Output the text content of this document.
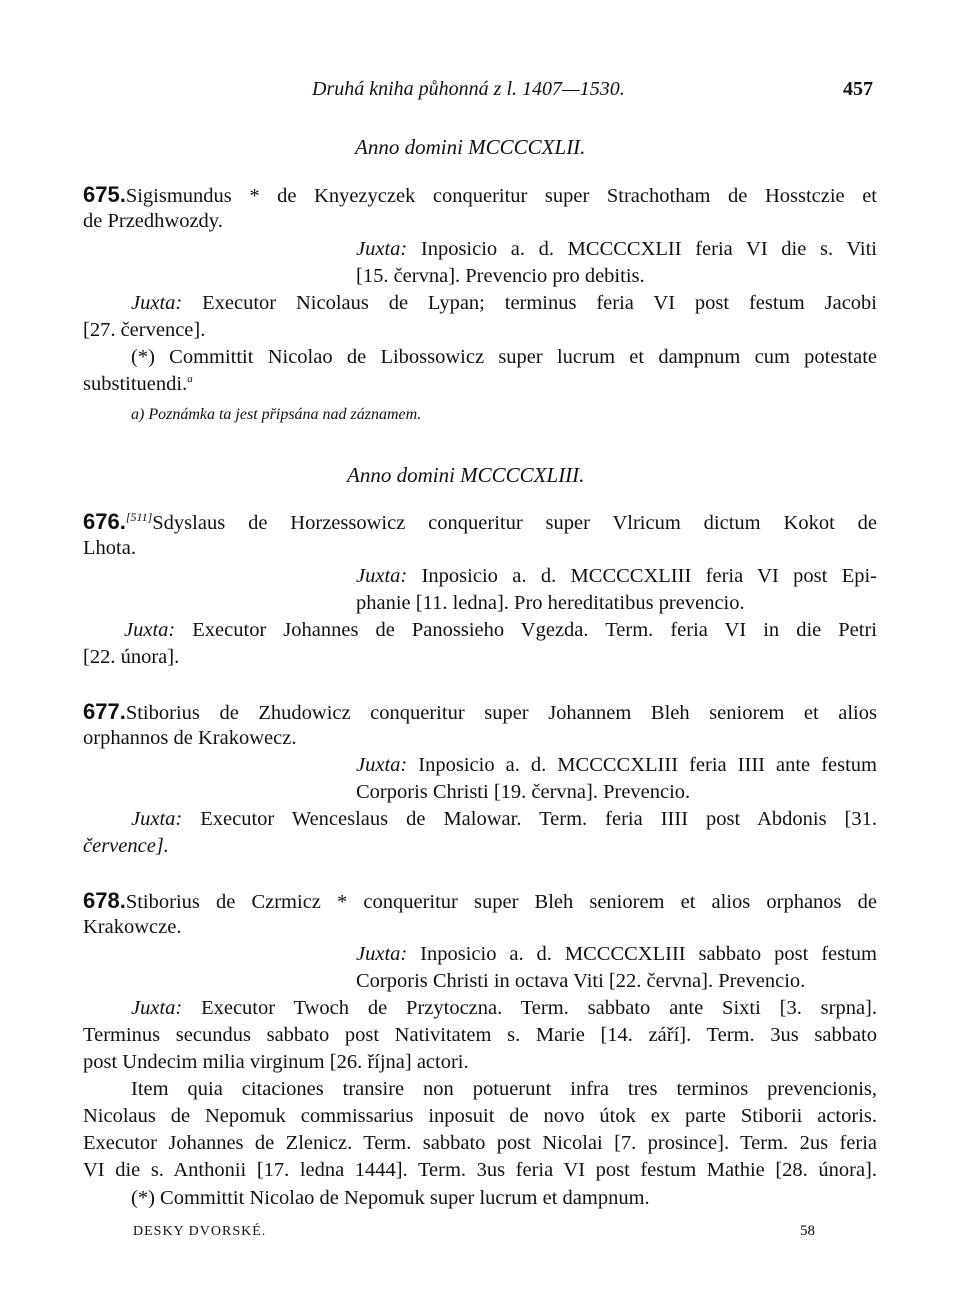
Druhá kniha půhonná z l. 1407—1530.	457
Anno domini MCCCCXLII.
675.Sigismundus * de Knyezyczek conqueritur super Strachotham de Hosstczie et
de Przedhwozdy.
Juxta: Inposicio a. d. MCCCCXLII feria VI die s. Viti
[15. června]. Prevencio pro debitis.
Juxta: Executor Nicolaus de Lypan; terminus feria VI post festum Jacobi
[27. července].
(*) Committit Nicolao de Libossowicz super lucrum et dampnum cum potestate
substituendi.$^a$
a) Poznámka ta jest připsána nad záznamem.
Anno domini MCCCCXLIII.
676.[511]Sdyslaus de Horzessowicz conqueritur super Vlricum dictum Kokot de
Lhota.
Juxta: Inposicio a. d. MCCCCXLIII feria VI post Epi-
phanie [11. ledna]. Pro hereditatibus prevencio.
Juxta: Executor Johannes de Panossieho Vgezda. Term. feria VI in die Petri
[22. února].
677.Stiborius de Zhudowicz conqueritur super Johannem Bleh seniorem et alios
orphannos de Krakowecz.
Juxta: Inposicio a. d. MCCCCXLIII feria IIII ante festum
Corporis Christi [19. června]. Prevencio.
Juxta: Executor Wenceslaus de Malowar. Term. feria IIII post Abdonis [31.
července].
678.Stiborius de Czrmicz * conqueritur super Bleh seniorem et alios orphanos de
Krakowcze.
Juxta: Inposicio a. d. MCCCCXLIII sabbato post festum
Corporis Christi in octava Viti [22. června]. Prevencio.
Juxta: Executor Twoch de Przytoczna. Term. sabbato ante Sixti [3. srpna].
Terminus secundus sabbato post Nativitatem s. Marie [14. září]. Term. 3us sabbato
post Undecim milia virginum [26. října] actori.
Item quia citaciones transire non potuerunt infra tres terminos prevencionis,
Nicolaus de Nepomuk commissarius inposuit de novo útok ex parte Stiborii actoris.
Executor Johannes de Zlenicz. Term. sabbato post Nicolai [7. prosince]. Term. 2us feria
VI die s. Anthonii [17. ledna 1444]. Term. 3us feria VI post festum Mathie [28. února].
(*) Committit Nicolao de Nepomuk super lucrum et dampnum.
DESKY DVORSKÉ.	58
